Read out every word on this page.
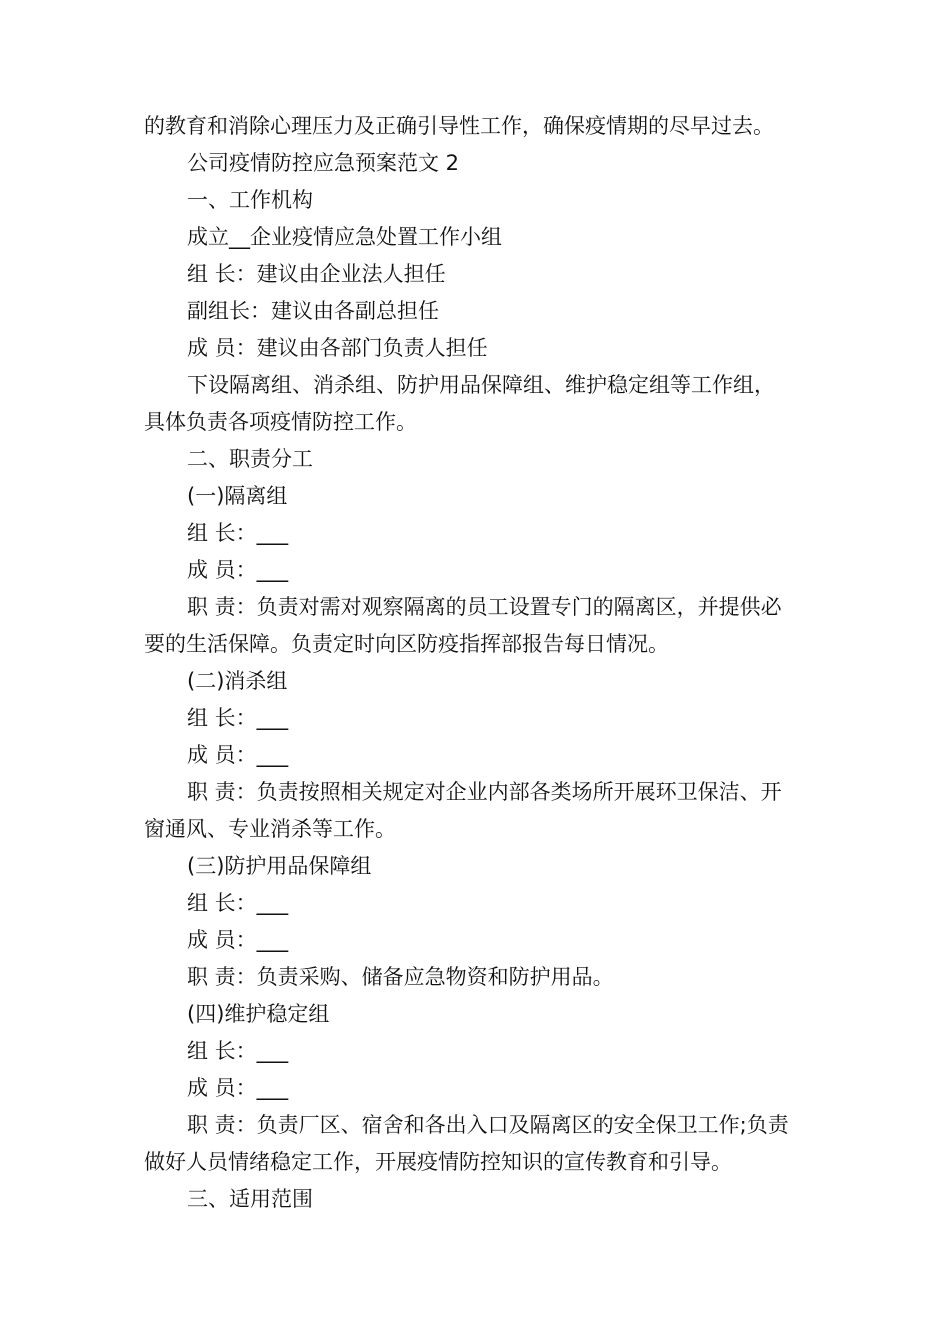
的教育和消除心理压力及正确引导性工作，确保疫情期的尽早过去。
公司疫情防控应急预案范文 2
一、工作机构
成立__企业疫情应急处置工作小组
组 长：建议由企业法人担任
副组长：建议由各副总担任
成 员：建议由各部门负责人担任
下设隔离组、消杀组、防护用品保障组、维护稳定组等工作组，
具体负责各项疫情防控工作。
二、职责分工
(一)隔离组
组 长：___
成 员：___
职 责：负责对需对观察隔离的员工设置专门的隔离区，并提供必
要的生活保障。负责定时向区防疫指挥部报告每日情况。
(二)消杀组
组 长：___
成 员：___
职 责：负责按照相关规定对企业内部各类场所开展环卫保洁、开
窗通风、专业消杀等工作。
(三)防护用品保障组
组 长：___
成 员：___
职 责：负责采购、储备应急物资和防护用品。
(四)维护稳定组
组 长：___
成 员：___
职 责：负责厂区、宿舍和各出入口及隔离区的安全保卫工作;负责
做好人员情绪稳定工作，开展疫情防控知识的宣传教育和引导。
三、适用范围
